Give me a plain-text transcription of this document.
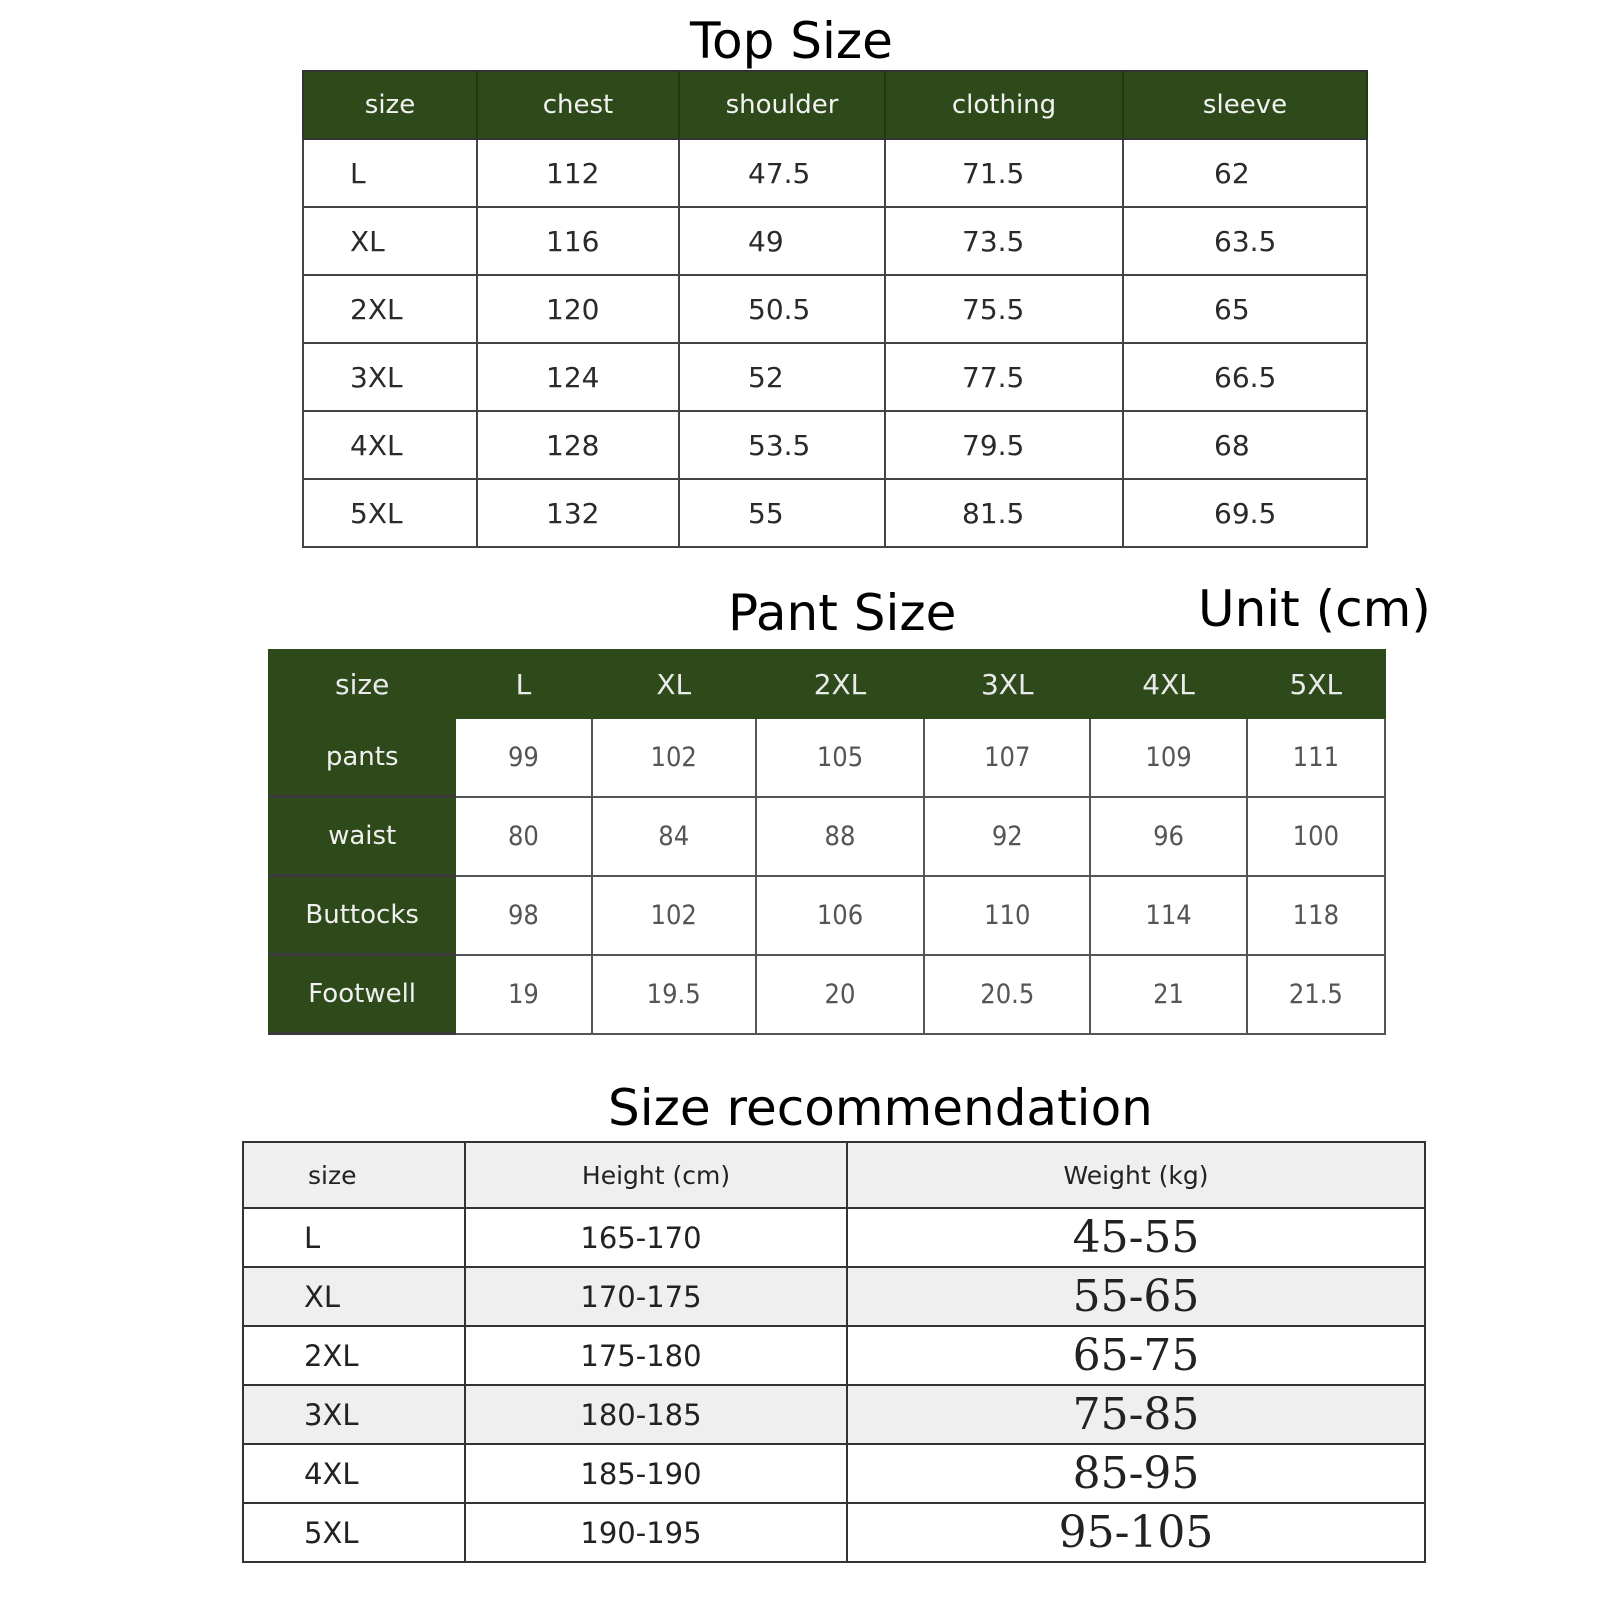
Top Size
Pant Size	Unit (cm)
Size recommendation
size	chest	shoulder	clothing	sleeve
L	112	47.5	71.5	62
XL	116	49	73.5	63.5
2XL	120	50.5	75.5	65
3XL	124	52	77.5	66.5
4XL	128	53.5	79.5	68
5XL	132	55	81.5	69.5
size	L	XL	2XL	3XL	4XL	5XL
pants	99	102	105	107	109	111
waist	80	84	88	92	96	100
Buttocks	98	102	106	110	114	118
Footwell	19	19.5	20	20.5	21	21.5
size	Height (cm)	Weight (kg)
L	165-170	45-55
XL	170-175	55-65
2XL	175-180	65-75
3XL	180-185	75-85
4XL	185-190	85-95
5XL	190-195	95-105
